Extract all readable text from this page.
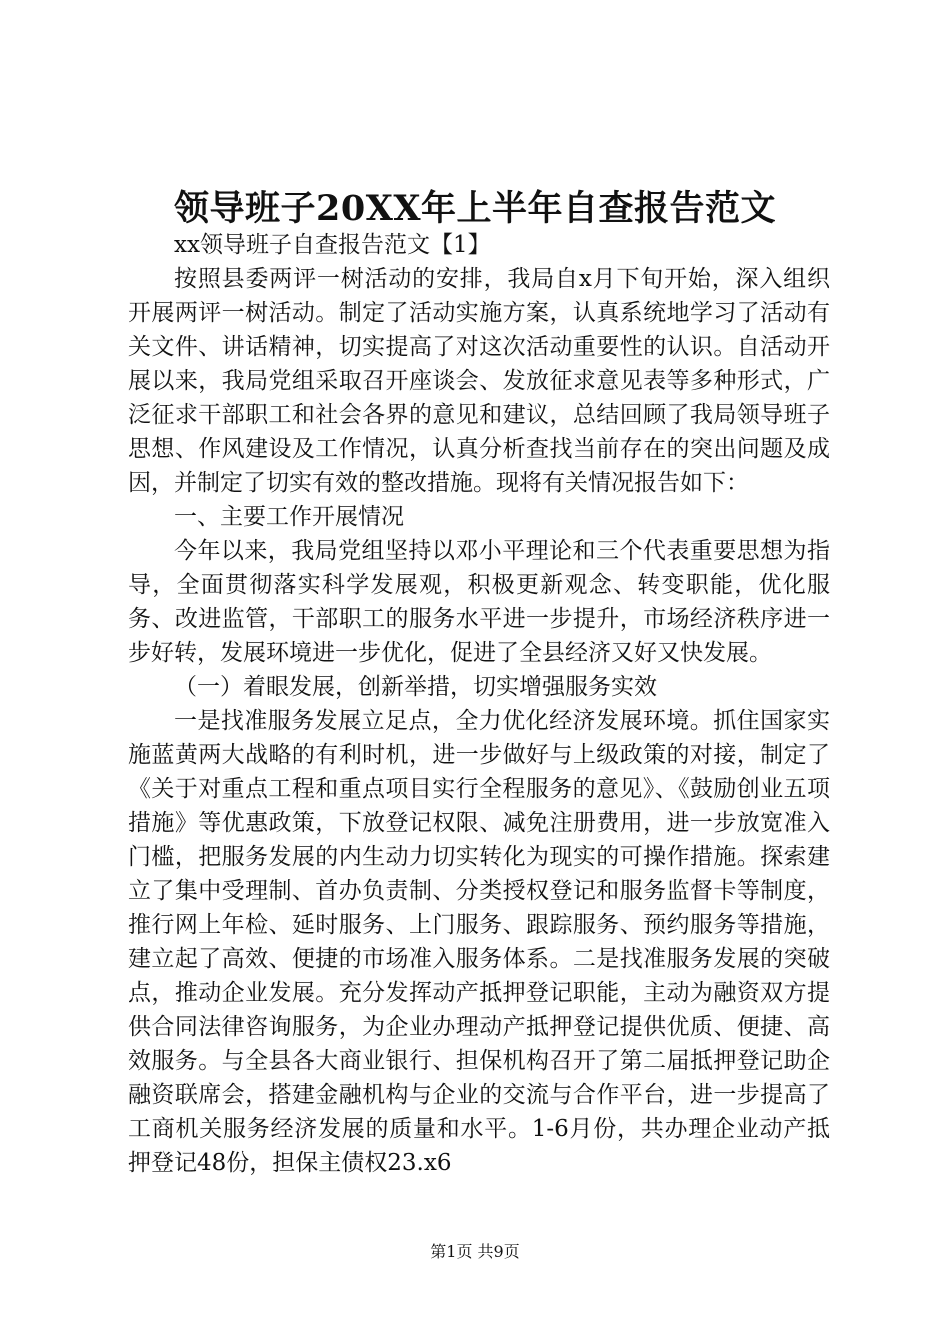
领导班子20XX年上半年自查报告范文

xx领导班子自查报告范文【1】

按照县委两评一树活动的安排，我局自x月下旬开始，深入组织开展两评一树活动。制定了活动实施方案，认真系统地学习了活动有关文件、讲话精神，切实提高了对这次活动重要性的认识。自活动开展以来，我局党组采取召开座谈会、发放征求意见表等多种形式，广泛征求干部职工和社会各界的意见和建议，总结回顾了我局领导班子思想、作风建设及工作情况，认真分析查找当前存在的突出问题及成因，并制定了切实有效的整改措施。现将有关情况报告如下：

一、主要工作开展情况

今年以来，我局党组坚持以邓小平理论和三个代表重要思想为指导，全面贯彻落实科学发展观，积极更新观念、转变职能，优化服务、改进监管，干部职工的服务水平进一步提升，市场经济秩序进一步好转，发展环境进一步优化，促进了全县经济又好又快发展。

（一）着眼发展，创新举措，切实增强服务实效

一是找准服务发展立足点，全力优化经济发展环境。抓住国家实施蓝黄两大战略的有利时机，进一步做好与上级政策的对接，制定了《关于对重点工程和重点项目实行全程服务的意见》、《鼓励创业五项措施》等优惠政策，下放登记权限、减免注册费用，进一步放宽准入门槛，把服务发展的内生动力切实转化为现实的可操作措施。探索建立了集中受理制、首办负责制、分类授权登记和服务监督卡等制度，推行网上年检、延时服务、上门服务、跟踪服务、预约服务等措施，建立起了高效、便捷的市场准入服务体系。二是找准服务发展的突破点，推动企业发展。充分发挥动产抵押登记职能，主动为融资双方提供合同法律咨询服务，为企业办理动产抵押登记提供优质、便捷、高效服务。与全县各大商业银行、担保机构召开了第二届抵押登记助企融资联席会，搭建金融机构与企业的交流与合作平台，进一步提高了工商机关服务经济发展的质量和水平。1-6月份，共办理企业动产抵押登记48份，担保主债权23.x6

第1页 共9页
